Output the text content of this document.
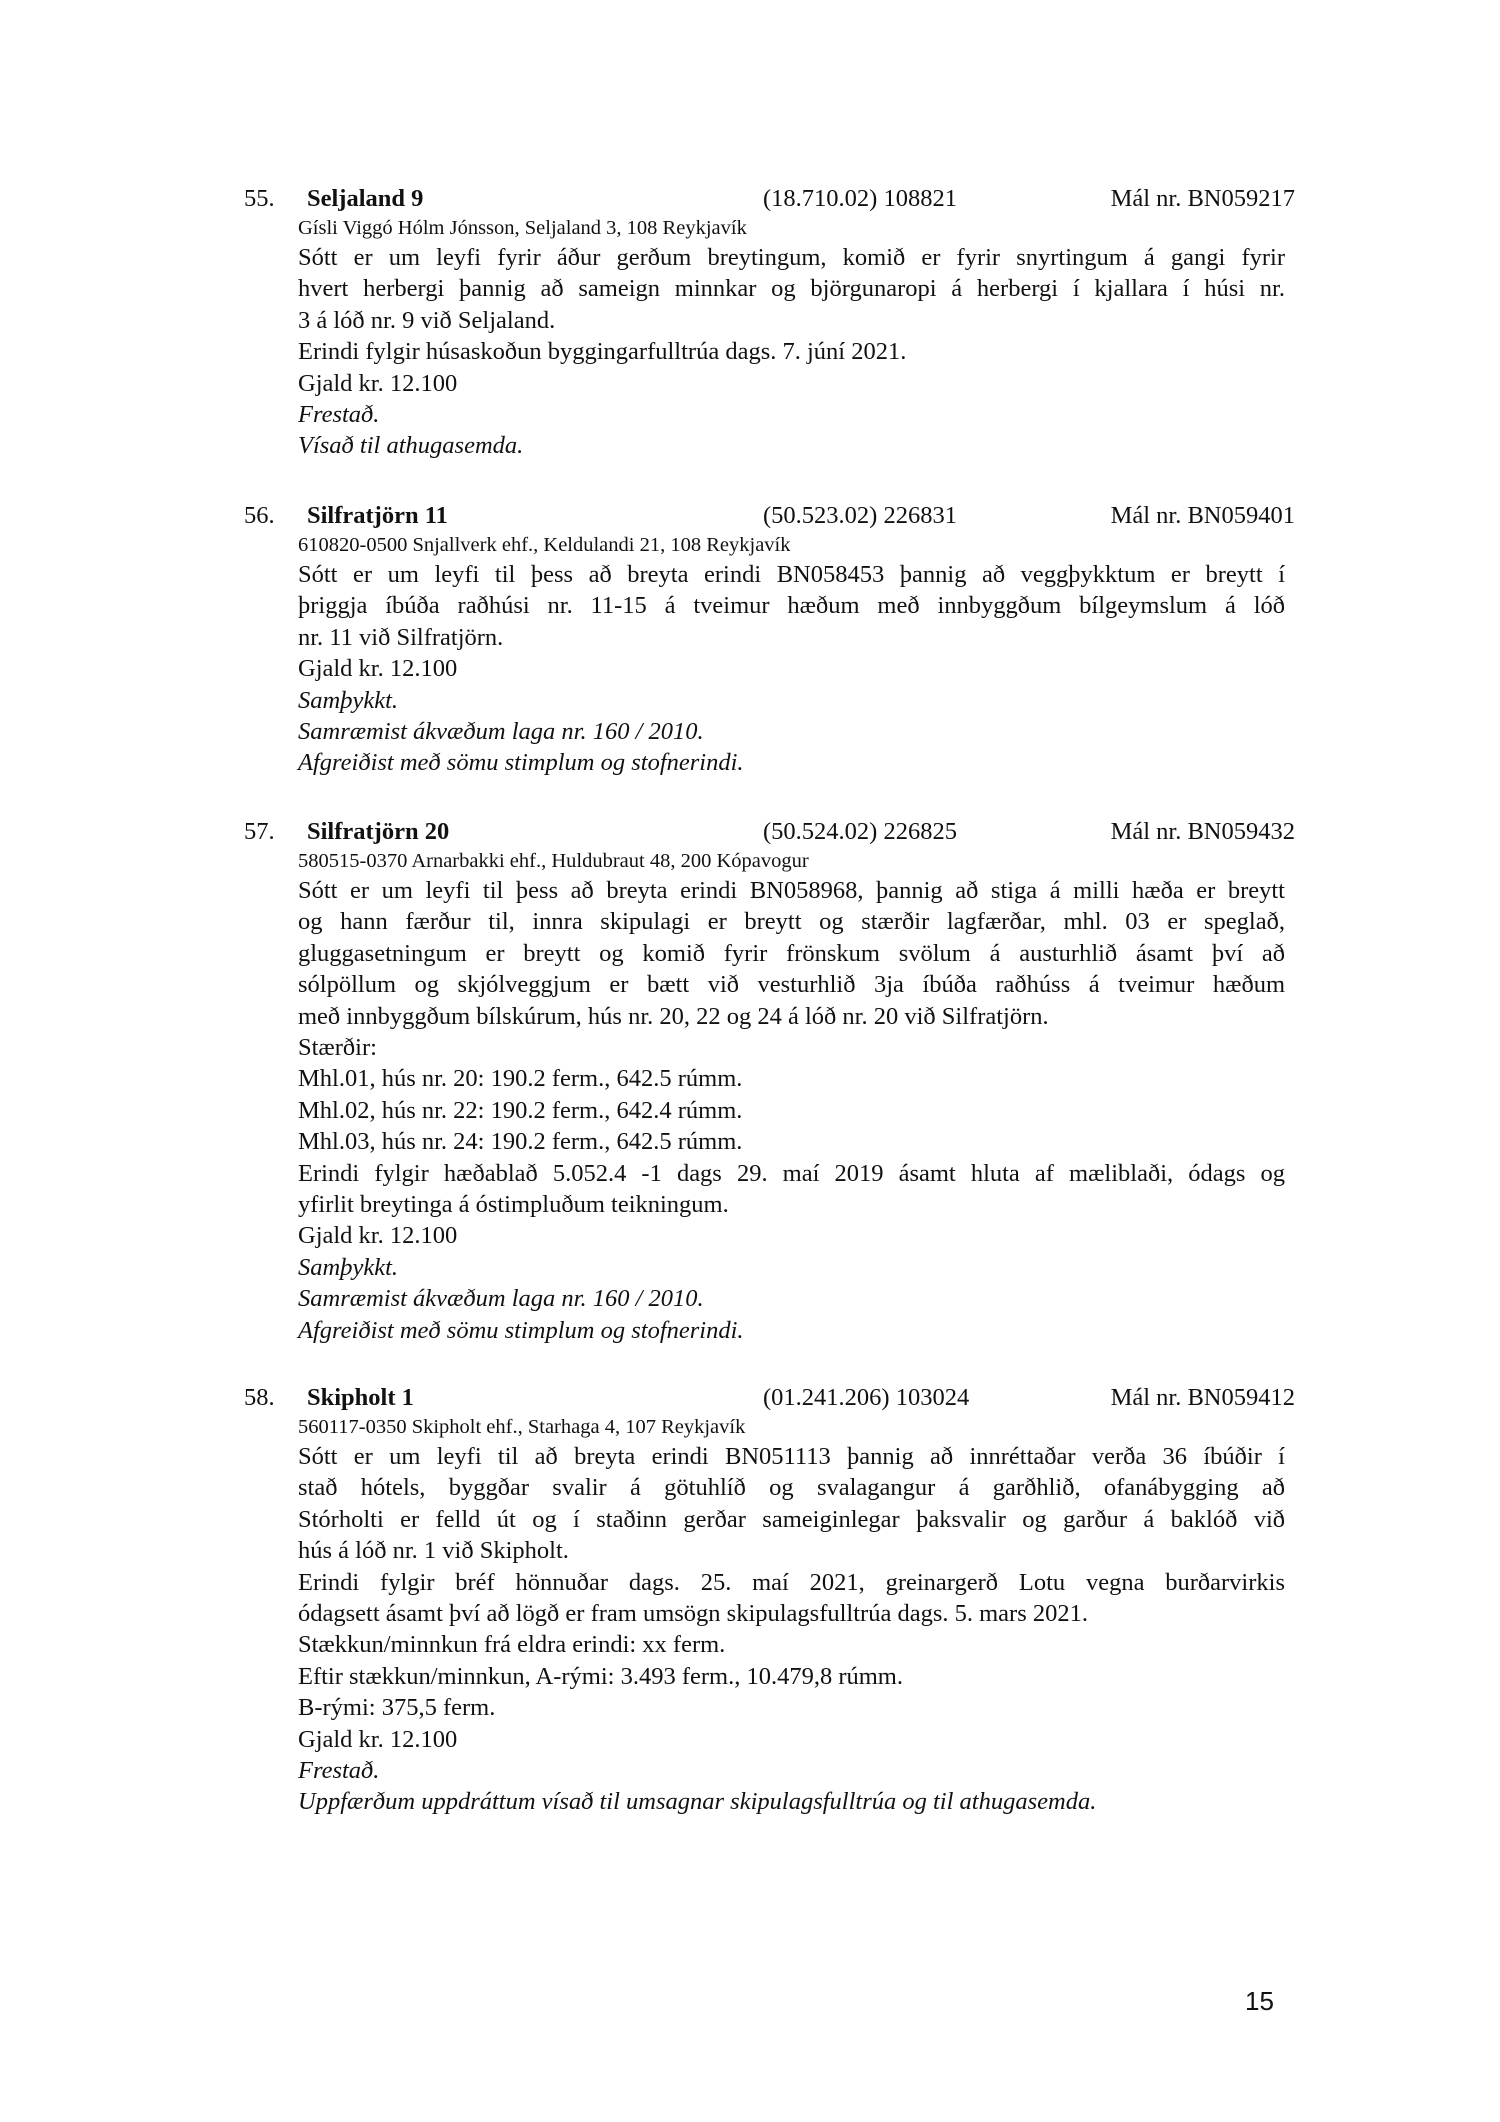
55. Seljaland 9	(18.710.02) 108821	Mál nr. BN059217
Gísli Viggó Hólm Jónsson, Seljaland 3, 108 Reykjavík
Sótt er um leyfi fyrir áður gerðum breytingum, komið er fyrir snyrtingum á gangi fyrir
hvert herbergi þannig að sameign minnkar og björgunaropi á herbergi í kjallara í húsi nr.
3 á lóð nr. 9 við Seljaland.
Erindi fylgir húsaskoðun byggingarfulltrúa dags. 7. júní 2021.
Gjald kr. 12.100
Frestað.
Vísað til athugasemda.
56. Silfratjörn 11	(50.523.02) 226831	Mál nr. BN059401
610820-0500 Snjallverk ehf., Keldulandi 21, 108 Reykjavík
Sótt er um leyfi til þess að breyta erindi BN058453 þannig að veggþykktum er breytt í
þriggja íbúða raðhúsi nr. 11-15 á tveimur hæðum með innbyggðum bílgeymslum á lóð
nr. 11 við Silfratjörn.
Gjald kr. 12.100
Samþykkt.
Samræmist ákvæðum laga nr. 160 / 2010.
Afgreiðist með sömu stimplum og stofnerindi.
57. Silfratjörn 20	(50.524.02) 226825	Mál nr. BN059432
580515-0370 Arnarbakki ehf., Huldubraut 48, 200 Kópavogur
Sótt er um leyfi til þess að breyta erindi BN058968, þannig að stiga á milli hæða er breytt
og hann færður til, innra skipulagi er breytt og stærðir lagfærðar, mhl. 03 er speglað,
gluggasetningum er breytt og komið fyrir frönskum svölum á austurhlið ásamt því að
sólpöllum og skjólveggjum er bætt við vesturhlið 3ja íbúða raðhúss á tveimur hæðum
með innbyggðum bílskúrum, hús nr. 20, 22 og 24 á lóð nr. 20 við Silfratjörn.
Stærðir:
Mhl.01, hús nr. 20: 190.2 ferm., 642.5 rúmm.
Mhl.02, hús nr. 22: 190.2 ferm., 642.4 rúmm.
Mhl.03, hús nr. 24: 190.2 ferm., 642.5 rúmm.
Erindi fylgir hæðablað 5.052.4 -1 dags 29. maí 2019 ásamt hluta af mæliblaði, ódags og
yfirlit breytinga á óstimpluðum teikningum.
Gjald kr. 12.100
Samþykkt.
Samræmist ákvæðum laga nr. 160 / 2010.
Afgreiðist með sömu stimplum og stofnerindi.
58. Skipholt 1	(01.241.206) 103024	Mál nr. BN059412
560117-0350 Skipholt ehf., Starhaga 4, 107 Reykjavík
Sótt er um leyfi til að breyta erindi BN051113 þannig að innréttaðar verða 36 íbúðir í
stað hótels, byggðar svalir á götuhlíð og svalagangur á garðhlið, ofanábygging að
Stórholti er felld út og í staðinn gerðar sameiginlegar þaksvalir og garður á baklóð við
hús á lóð nr. 1 við Skipholt.
Erindi fylgir bréf hönnuðar dags. 25. maí 2021, greinargerð Lotu vegna burðarvirkis
ódagsett ásamt því að lögð er fram umsögn skipulagsfulltrúa dags. 5. mars 2021.
Stækkun/minnkun frá eldra erindi: xx ferm.
Eftir stækkun/minnkun, A-rými: 3.493 ferm., 10.479,8 rúmm.
B-rými: 375,5 ferm.
Gjald kr. 12.100
Frestað.
Uppfærðum uppdráttum vísað til umsagnar skipulagsfulltrúa og til athugasemda.
15
